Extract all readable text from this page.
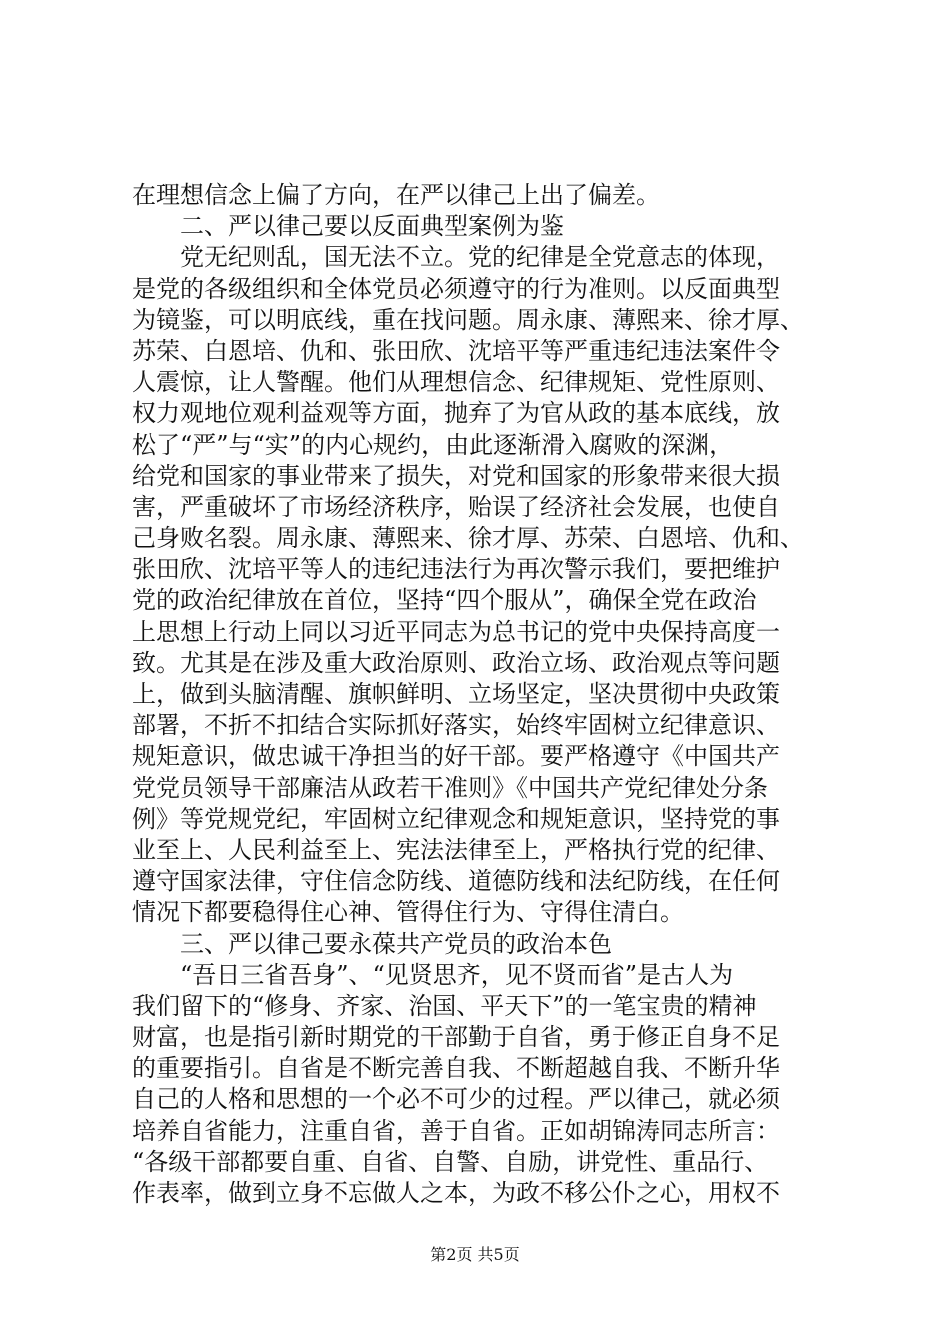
在理想信念上偏了方向，在严以律己上出了偏差。
　　二、严以律己要以反面典型案例为鉴
　　党无纪则乱，国无法不立。党的纪律是全党意志的体现，
是党的各级组织和全体党员必须遵守的行为准则。以反面典型
为镜鉴，可以明底线，重在找问题。周永康、薄熙来、徐才厚、
苏荣、白恩培、仇和、张田欣、沈培平等严重违纪违法案件令
人震惊，让人警醒。他们从理想信念、纪律规矩、党性原则、
权力观地位观利益观等方面，抛弃了为官从政的基本底线，放
松了“严”与“实”的内心规约，由此逐渐滑入腐败的深渊，
给党和国家的事业带来了损失，对党和国家的形象带来很大损
害，严重破坏了市场经济秩序，贻误了经济社会发展，也使自
己身败名裂。周永康、薄熙来、徐才厚、苏荣、白恩培、仇和、
张田欣、沈培平等人的违纪违法行为再次警示我们，要把维护
党的政治纪律放在首位，坚持“四个服从”，确保全党在政治
上思想上行动上同以习近平同志为总书记的党中央保持高度一
致。尤其是在涉及重大政治原则、政治立场、政治观点等问题
上，做到头脑清醒、旗帜鲜明、立场坚定，坚决贯彻中央政策
部署，不折不扣结合实际抓好落实，始终牢固树立纪律意识、
规矩意识，做忠诚干净担当的好干部。要严格遵守《中国共产
党党员领导干部廉洁从政若干准则》《中国共产党纪律处分条
例》等党规党纪，牢固树立纪律观念和规矩意识，坚持党的事
业至上、人民利益至上、宪法法律至上，严格执行党的纪律、
遵守国家法律，守住信念防线、道德防线和法纪防线，在任何
情况下都要稳得住心神、管得住行为、守得住清白。
　　三、严以律己要永葆共产党员的政治本色
　　“吾日三省吾身”、“见贤思齐，见不贤而省”是古人为
我们留下的“修身、齐家、治国、平天下”的一笔宝贵的精神
财富，也是指引新时期党的干部勤于自省，勇于修正自身不足
的重要指引。自省是不断完善自我、不断超越自我、不断升华
自己的人格和思想的一个必不可少的过程。严以律己，就必须
培养自省能力，注重自省，善于自省。正如胡锦涛同志所言：
“各级干部都要自重、自省、自警、自励，讲党性、重品行、
作表率，做到立身不忘做人之本，为政不移公仆之心，用权不
第2页 共5页
